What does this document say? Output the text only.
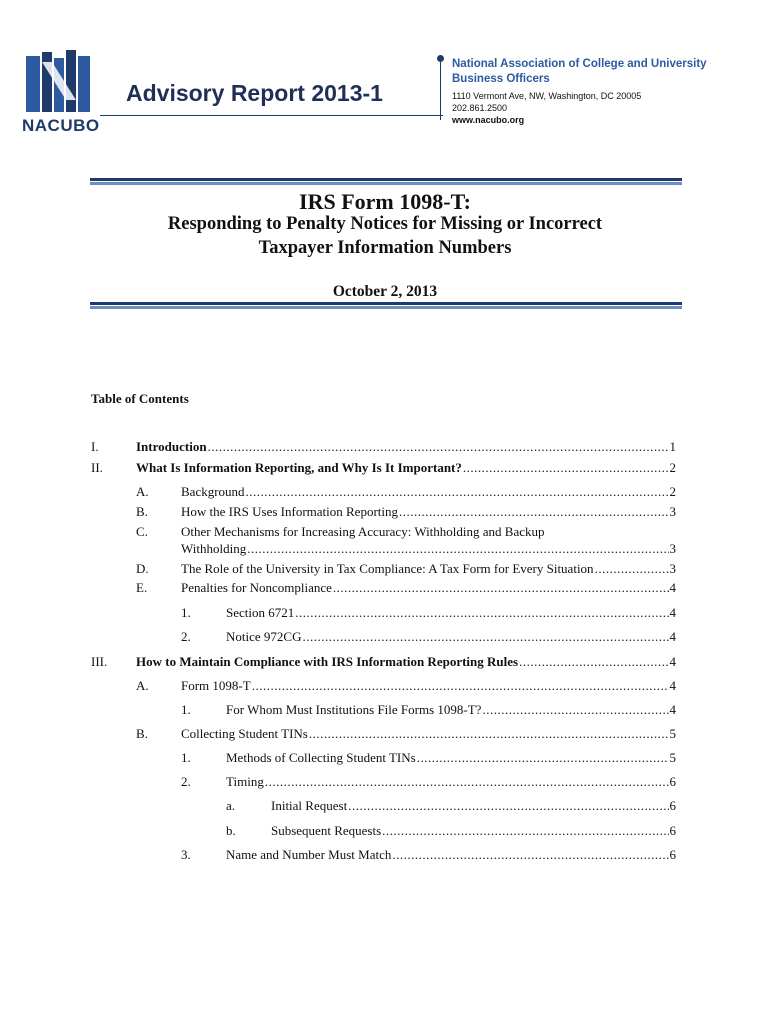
NACUBO
Advisory Report 2013-1
National Association of College and University
Business Officers
1110 Vermont Ave, NW, Washington, DC 20005
202.861.2500
www.nacubo.org
IRS Form 1098-T:
Responding to Penalty Notices for Missing or Incorrect
Taxpayer Information Numbers
October 2, 2013
Table of Contents
I.	Introduction .....	1
II.	What Is Information Reporting, and Why Is It Important? .....	2
A. Background .....	2
B.	How the IRS Uses Information Reporting .....	3
C.	Other Mechanisms for Increasing Accuracy: Withholding and Backup
Withholding .....	3
D. The Role of the University in Tax Compliance: A Tax Form for Every Situation .....	3
E.	Penalties for Noncompliance .....	4
1.	Section 6721 .....	4
2.	Notice 972CG .....	4
III. How to Maintain Compliance with IRS Information Reporting Rules .....	4
A. Form 1098-T .....	4
1.	For Whom Must Institutions File Forms 1098-T? .....	4
B.	Collecting Student TINs .....	5
1.	Methods of Collecting Student TINs .....	5
2.	Timing .....	6
a.	Initial Request .....	6
b.	Subsequent Requests .....	6
3.	Name and Number Must Match .....	6
